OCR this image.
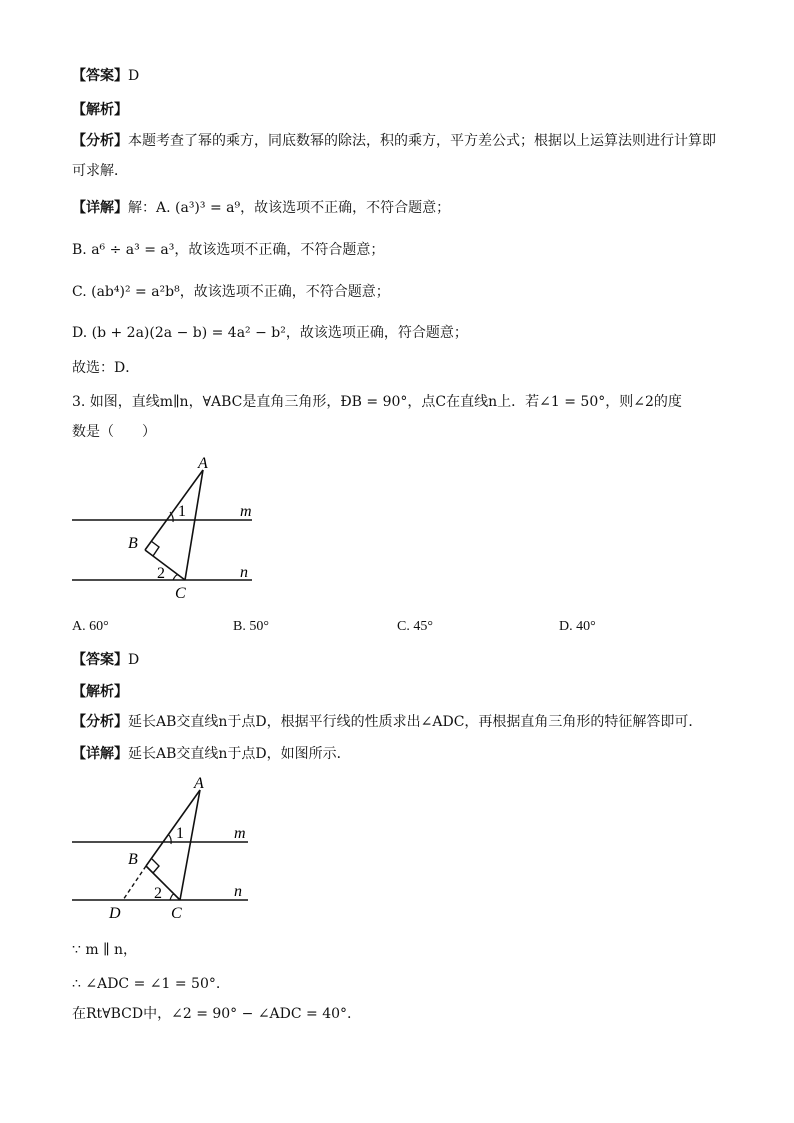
【答案】D
【解析】
【分析】本题考查了幂的乘方，同底数幂的除法，积的乘方，平方差公式；根据以上运算法则进行计算即可求解．
【详解】解：A. (a³)³ = a⁹，故该选项不正确，不符合题意；
B. a⁶ ÷ a³ = a³，故该选项不正确，不符合题意；
C. (ab⁴)² = a²b⁸，故该选项不正确，不符合题意；
D. (b + 2a)(2a − b) = 4a² − b²，故该选项正确，符合题意；
故选：D．
3. 如图，直线m∥n，∀ABC是直角三角形，ÐB = 90°，点C在直线n上．若∠1 = 50°，则∠2的度
数是（　　）
A
B
C
m
n
1
2
A. 60°	B. 50°	C. 45°	D. 40°
【答案】D
【解析】
【分析】延长AB交直线n于点D，根据平行线的性质求出∠ADC，再根据直角三角形的特征解答即可．
【详解】延长AB交直线n于点D，如图所示．
A
B
C
D
m
n
1
2
∵ m ∥ n，
∴ ∠ADC = ∠1 = 50°.
在Rt∀BCD中，∠2 = 90° − ∠ADC = 40°.
